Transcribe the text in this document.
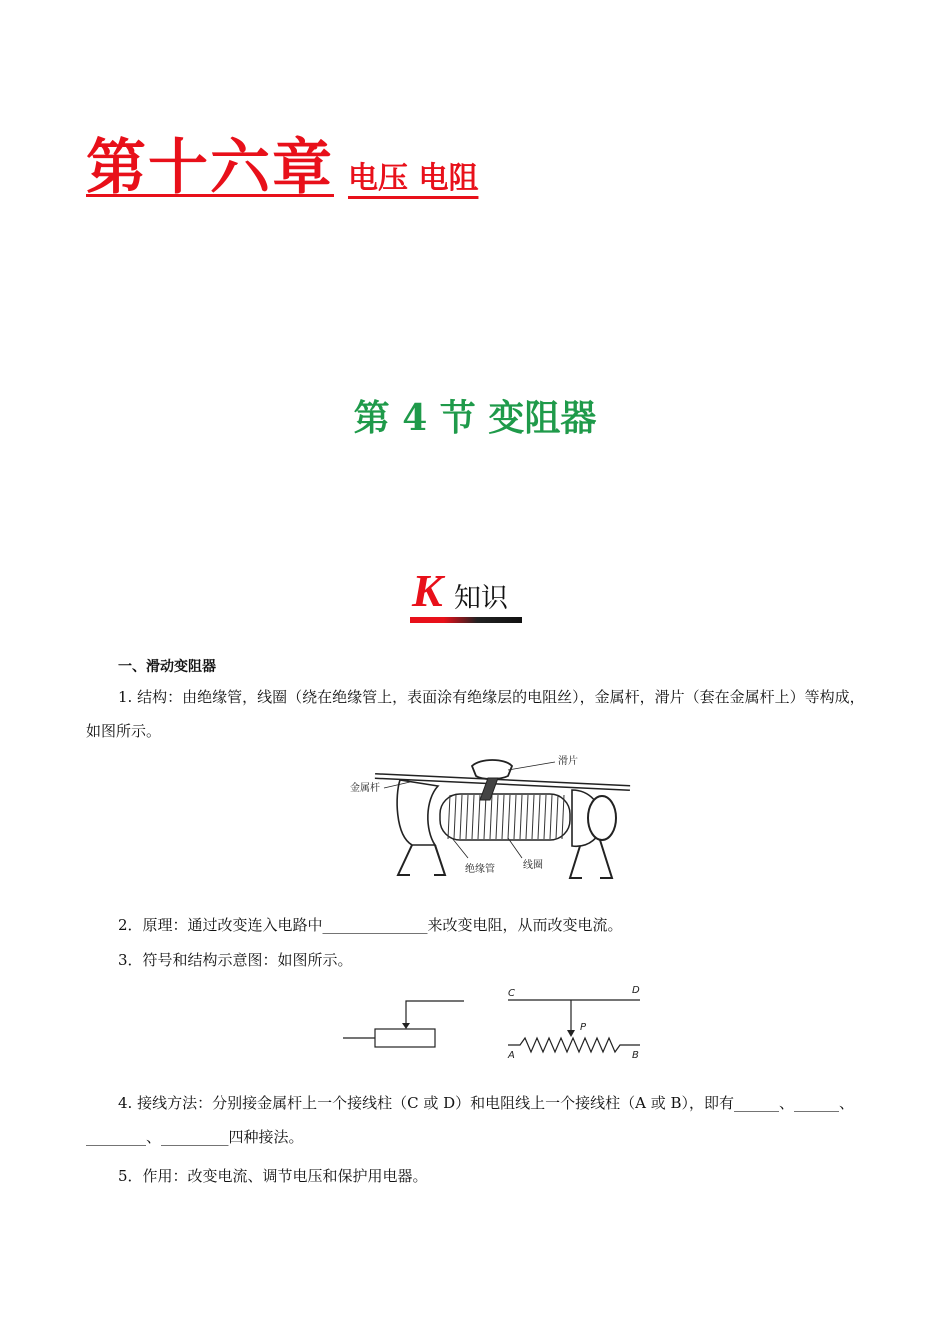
第十六章 电压 电阻
第 4 节 变阻器
K 知识
一、滑动变阻器
1. 结构：由绝缘管，线圈（绕在绝缘管上，表面涂有绝缘层的电阻丝），金属杆，滑片（套在金属杆上）等构成，如图所示。
滑片
金属杆
绝缘管	线圈
2．原理：通过改变连入电路中______________来改变电阻，从而改变电流。
3．符号和结构示意图：如图所示。
C	D
P
A	B
4. 接线方法：分别接金属杆上一个接线柱（C 或 D）和电阻线上一个接线柱（A 或 B），即有______、______、________、_________四种接法。
5．作用：改变电流、调节电压和保护用电器。
